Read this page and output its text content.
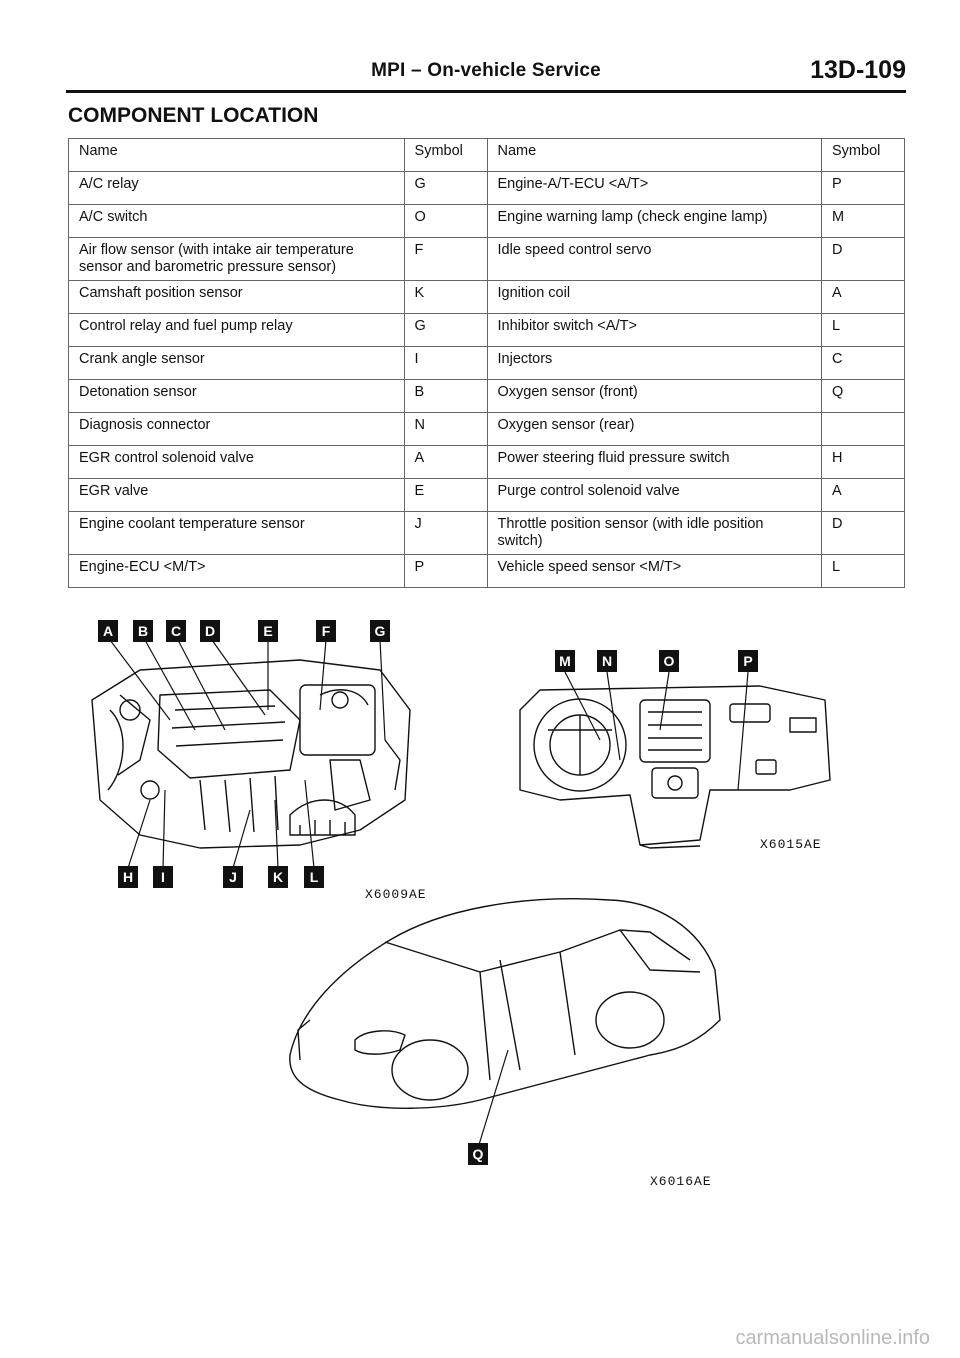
MPI – On-vehicle Service	13D-109
COMPONENT LOCATION
Name	Symbol	Name	Symbol
A/C relay	G	Engine-A/T-ECU <A/T>	P
A/C switch	O	Engine warning lamp (check engine lamp)	M
Air flow sensor (with intake air temperature sensor and barometric pressure sensor)	F	Idle speed control servo	D
Camshaft position sensor	K	Ignition coil	A
Control relay and fuel pump relay	G	Inhibitor switch <A/T>	L
Crank angle sensor	I	Injectors	C
Detonation sensor	B	Oxygen sensor (front)	Q
Diagnosis connector	N	Oxygen sensor (rear)	
EGR control solenoid valve	A	Power steering fluid pressure switch	H
EGR valve	E	Purge control solenoid valve	A
Engine coolant temperature sensor	J	Throttle position sensor (with idle position switch)	D
Engine-ECU <M/T>	P	Vehicle speed sensor <M/T>	L
A B C D	E	F	G
H I	J	K L
M N	O	P
Q
X6009AE
X6015AE
X6016AE
carmanualsonline.info
